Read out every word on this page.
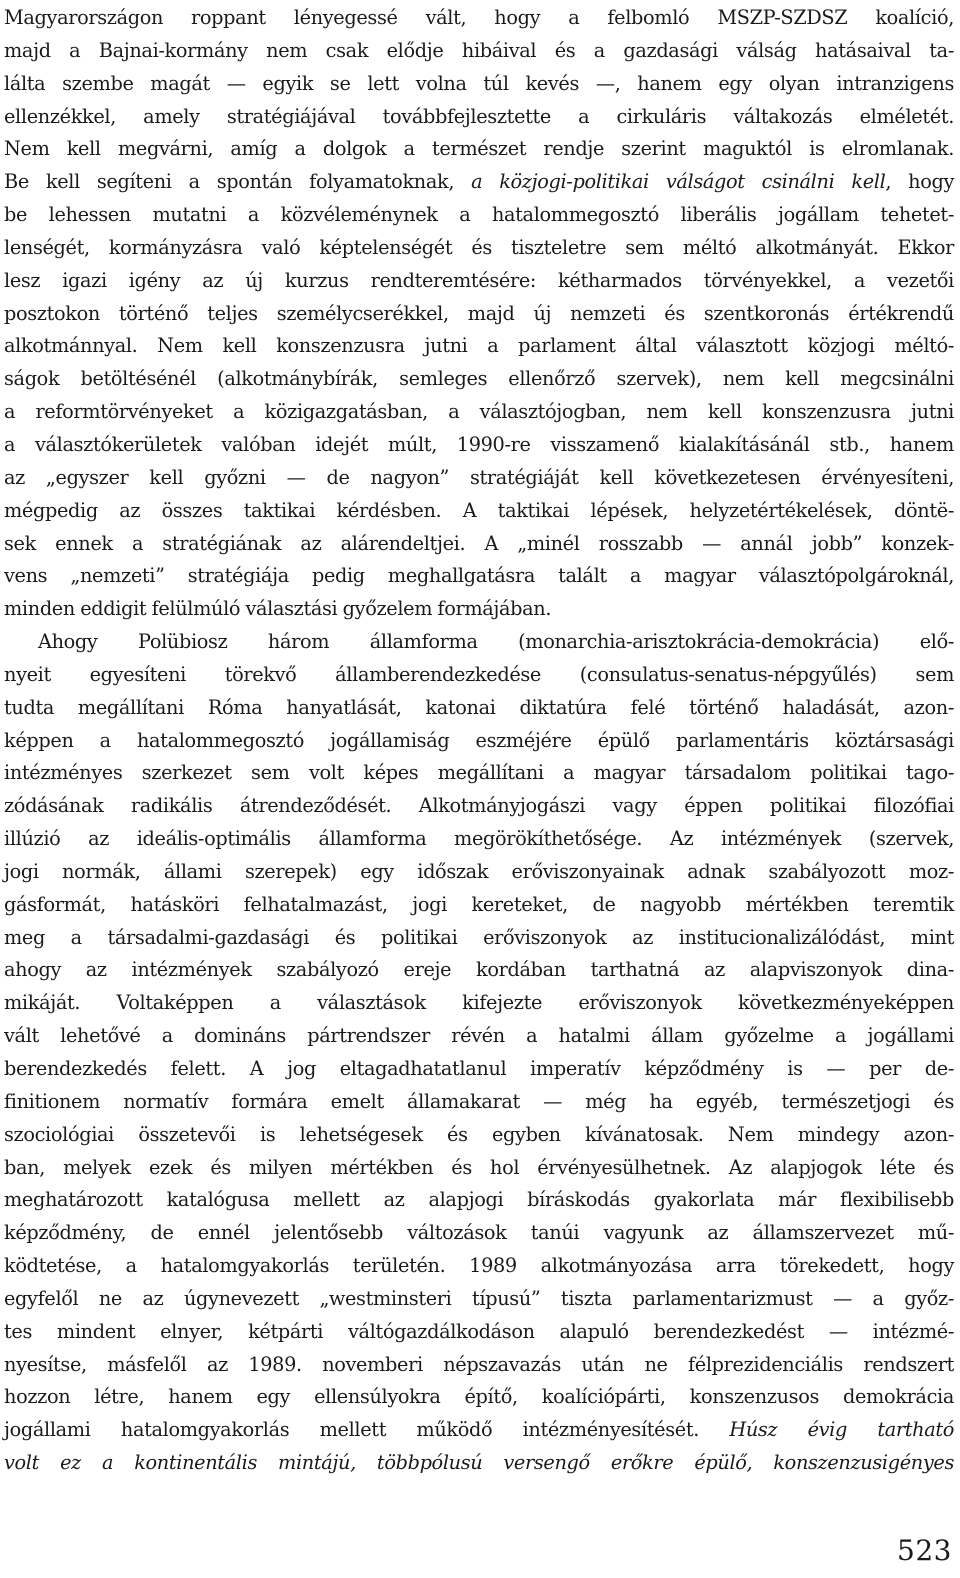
Magyarországon roppant lényegessé vált, hogy a felbomló MSZP-SZDSZ koalíció,
majd a Bajnai-kormány nem csak elődje hibáival és a gazdasági válság hatásaival ta-
lálta szembe magát — egyik se lett volna túl kevés —, hanem egy olyan intranzigens
ellenzékkel, amely stratégiájával továbbfejlesztette a cirkuláris váltakozás elméletét.
Nem kell megvárni, amíg a dolgok a természet rendje szerint maguktól is elromlanak.
Be kell segíteni a spontán folyamatoknak, a közjogi-politikai válságot csinálni kell, hogy
be lehessen mutatni a közvéleménynek a hatalommegosztó liberális jogállam tehetet-
lenségét, kormányzásra való képtelenségét és tiszteletre sem méltó alkotmányát. Ekkor
lesz igazi igény az új kurzus rendteremtésére: kétharmados törvényekkel, a vezetői
posztokon történő teljes személycserékkel, majd új nemzeti és szentkoronás értékrendű
alkotmánnyal. Nem kell konszenzusra jutni a parlament által választott közjogi méltó-
ságok betöltésénél (alkotmánybírák, semleges ellenőrző szervek), nem kell megcsinálni
a reformtörvényeket a közigazgatásban, a választójogban, nem kell konszenzusra jutni
a választókerületek valóban idejét múlt, 1990-re visszamenő kialakításánál stb., hanem
az „egyszer kell győzni — de nagyon” stratégiáját kell következetesen érvényesíteni,
mégpedig az összes taktikai kérdésben. A taktikai lépések, helyzetértékelések, döntë-
sek ennek a stratégiának az alárendeltjei. A „minél rosszabb — annál jobb” konzek-
vens „nemzeti” stratégiája pedig meghallgatásra talált a magyar választópolgároknál,
minden eddigit felülmúló választási győzelem formájában.

Ahogy Polübiosz három államforma (monarchia-arisztokrácia-demokrácia) elő-
nyeit egyesíteni törekvő államberendezkedése (consulatus-senatus-népgyűlés) sem
tudta megállítani Róma hanyatlását, katonai diktatúra felé történő haladását, azon-
képpen a hatalommegosztó jogállamiság eszméjére épülő parlamentáris köztársasági
intézményes szerkezet sem volt képes megállítani a magyar társadalom politikai tago-
zódásának radikális átrendeződését. Alkotmányjogászi vagy éppen politikai filozófiai
illúzió az ideális-optimális államforma megörökíthetősége. Az intézmények (szervek,
jogi normák, állami szerepek) egy időszak erőviszonyainak adnak szabályozott moz-
gásformát, hatásköri felhatalmazást, jogi kereteket, de nagyobb mértékben teremtik
meg a társadalmi-gazdasági és politikai erőviszonyok az institucionalizálódást, mint
ahogy az intézmények szabályozó ereje kordában tarthatná az alapviszonyok dina-
mikáját. Voltaképpen a választások kifejezte erőviszonyok következményeképpen
vált lehetővé a domináns pártrendszer révén a hatalmi állam győzelme a jogállami
berendezkedés felett. A jog eltagadhatatlanul imperatív képződmény is — per de-
finitionem normatív formára emelt államakarat — még ha egyéb, természetjogi és
szociológiai összetevői is lehetségesek és egyben kívánatosak. Nem mindegy azon-
ban, melyek ezek és milyen mértékben és hol érvényesülhetnek. Az alapjogok léte és
meghatározott katalógusa mellett az alapjogi bíráskodás gyakorlata már flexibilisebb
képződmény, de ennél jelentősebb változások tanúi vagyunk az államszervezet mű-
ködtetése, a hatalomgyakorlás területén. 1989 alkotmányozása arra törekedett, hogy
egyfelől ne az úgynevezett „westminsteri típusú” tiszta parlamentarizmust — a győz-
tes mindent elnyer, kétpárti váltógazdálkodáson alapuló berendezkedést — intézmé-
nyesítse, másfelől az 1989. novemberi népszavazás után ne félprezidenciális rendszert
hozzon létre, hanem egy ellensúlyokra építő, koalíciópárti, konszenzusos demokrácia
jogállami hatalomgyakorlás mellett működő intézményesítését. Húsz évig tartható
volt ez a kontinentális mintájú, többpólusú versengő erőkre épülő, konszenzusigényes

523
